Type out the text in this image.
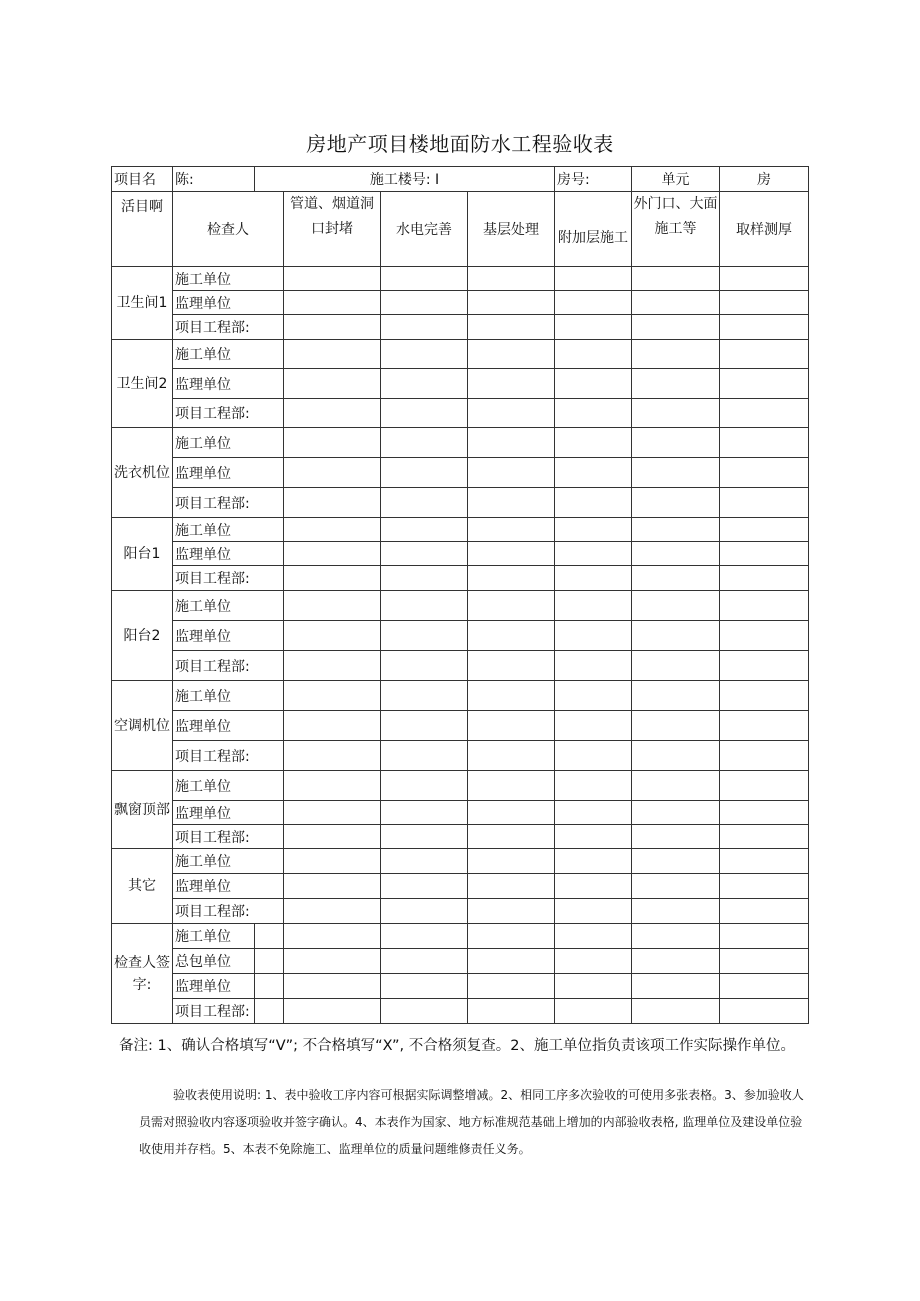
房地产项目楼地面防水工程验收表
项目名	陈:	施工楼号: I				房号:	单元	房
活目啊	检查人		管道、烟道洞口封堵	水电完善	基层处理	附加层施工	外门口、大面施工等	取样测厚
卫生间1	施工单位							
	监理单位							
	项目工程部:							
卫生间2	施工单位							
	监理单位							
	项目工程部:							
洗衣机位	施工单位							
	监理单位							
	项目工程部:							
阳台1	施工单位							
	监理单位							
	项目工程部:							
阳台2	施工单位							
	监理单位							
	项目工程部:							
空调机位	施工单位							
	监理单位							
	项目工程部:							
飘窗顶部	施工单位							
	监理单位							
	项目工程部:							
其它	施工单位							
	监理单位							
	项目工程部:							
检查人签字:	施工单位							
	总包单位							
	监理单位							
	项目工程部:							
备注: 1、确认合格填写“V”; 不合格填写“X”, 不合格须复查。2、施工单位指负责该项工作实际操作单位。

验收表使用说明: 1、表中验收工序内容可根据实际调整增减。2、相同工序多次验收的可使用多张表格。3、参加验收人员需对照验收内容逐项验收并签字确认。4、本表作为国家、地方标准规范基础上增加的内部验收表格, 监理单位及建设单位验收使用并存档。5、本表不免除施工、监理单位的质量问题维修责任义务。
